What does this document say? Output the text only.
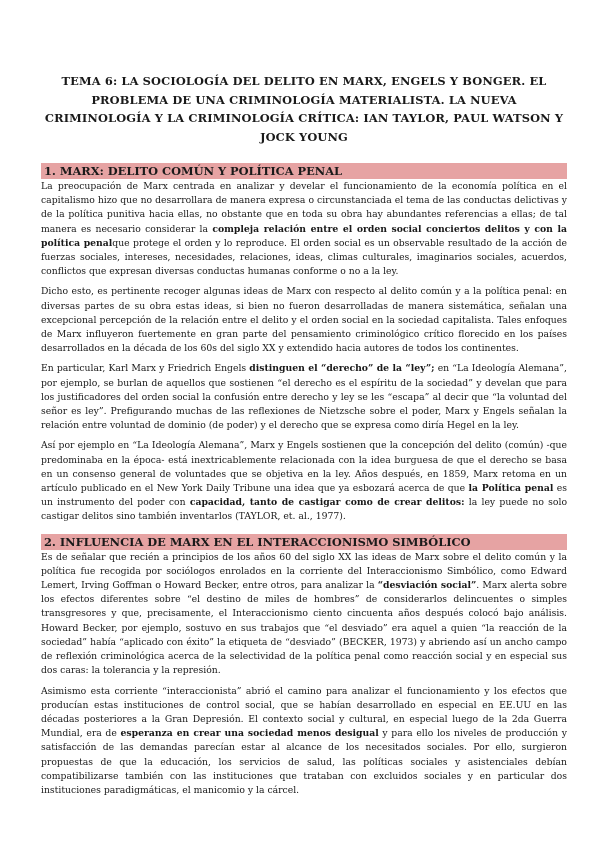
TEMA 6: LA SOCIOLOGÍA DEL DELITO EN MARX, ENGELS Y BONGER. EL PROBLEMA DE UNA CRIMINOLOGÍA MATERIALISTA. LA NUEVA CRIMINOLOGÍA Y LA CRIMINOLOGÍA CRÍTICA: IAN TAYLOR, PAUL WATSON Y JOCK YOUNG
1. MARX: DELITO COMÚN Y POLÍTICA PENAL

La preocupación de Marx centrada en analizar y develar el funcionamiento de la economía política en el capitalismo hizo que no desarrollara de manera expresa o circunstanciada el tema de las conductas delictivas y de la política punitiva hacia ellas, no obstante que en toda su obra hay abundantes referencias a ellas; de tal manera es necesario considerar la compleja relación entre el orden social conciertos delitos y con la política penalque protege el orden y lo reproduce. El orden social es un observable resultado de la acción de fuerzas sociales, intereses, necesidades, relaciones, ideas, climas culturales, imaginarios sociales, acuerdos, conflictos que expresan diversas conductas humanas conforme o no a la ley.

Dicho esto, es pertinente recoger algunas ideas de Marx con respecto al delito común y a la política penal: en diversas partes de su obra estas ideas, si bien no fueron desarrolladas de manera sistemática, señalan una excepcional percepción de la relación entre el delito y el orden social en la sociedad capitalista. Tales enfoques de Marx influyeron fuertemente en gran parte del pensamiento criminológico crítico florecido en los países desarrollados en la década de los 60s del siglo XX y extendido hacia autores de todos los continentes.

En particular, Karl Marx y Friedrich Engels distinguen el “derecho” de la “ley”; en “La Ideología Alemana”, por ejemplo, se burlan de aquellos que sostienen “el derecho es el espíritu de la sociedad” y develan que para los justificadores del orden social la confusión entre derecho y ley se les “escapa” al decir que “la voluntad del señor es ley”. Prefigurando muchas de las reflexiones de Nietzsche sobre el poder, Marx y Engels señalan la relación entre voluntad de dominio (de poder) y el derecho que se expresa como diría Hegel en la ley.

Así por ejemplo en “La Ideología Alemana”, Marx y Engels sostienen que la concepción del delito (común) -que predominaba en la época- está inextricablemente relacionada con la idea burguesa de que el derecho se basa en un consenso general de voluntades que se objetiva en la ley. Años después, en 1859, Marx retoma en un artículo publicado en el New York Daily Tribune una idea que ya esbozará acerca de que la Política penal es un instrumento del poder con capacidad, tanto de castigar como de crear delitos: la ley puede no solo castigar delitos sino también inventarlos (TAYLOR, et. al., 1977).

2. INFLUENCIA DE MARX EN EL INTERACCIONISMO SIMBÓLICO

Es de señalar que recién a principios de los años 60 del siglo XX las ideas de Marx sobre el delito común y la política fue recogida por sociólogos enrolados en la corriente del Interaccionismo Simbólico, como Edward Lemert, Irving Goffman o Howard Becker, entre otros, para analizar la “desviación social”. Marx alerta sobre los efectos diferentes sobre “el destino de miles de hombres” de considerarlos delincuentes o simples transgresores y que, precisamente, el Interaccionismo ciento cincuenta años después colocó bajo análisis. Howard Becker, por ejemplo, sostuvo en sus trabajos que “el desviado” era aquel a quien “la reacción de la sociedad” había “aplicado con éxito” la etiqueta de “desviado” (BECKER, 1973) y abriendo así un ancho campo de reflexión criminológica acerca de la selectividad de la política penal como reacción social y en especial sus dos caras: la tolerancia y la represión.

Asimismo esta corriente “interaccionista” abrió el camino para analizar el funcionamiento y los efectos que producían estas instituciones de control social, que se habían desarrollado en especial en EE.UU en las décadas posteriores a la Gran Depresión. El contexto social y cultural, en especial luego de la 2da Guerra Mundial, era de esperanza en crear una sociedad menos desigual y para ello los niveles de producción y satisfacción de las demandas parecían estar al alcance de los necesitados sociales. Por ello, surgieron propuestas de que la educación, los servicios de salud, las políticas sociales y asistenciales debían compatibilizarse también con las instituciones que trataban con excluidos sociales y en particular dos instituciones paradigmáticas, el manicomio y la cárcel.
